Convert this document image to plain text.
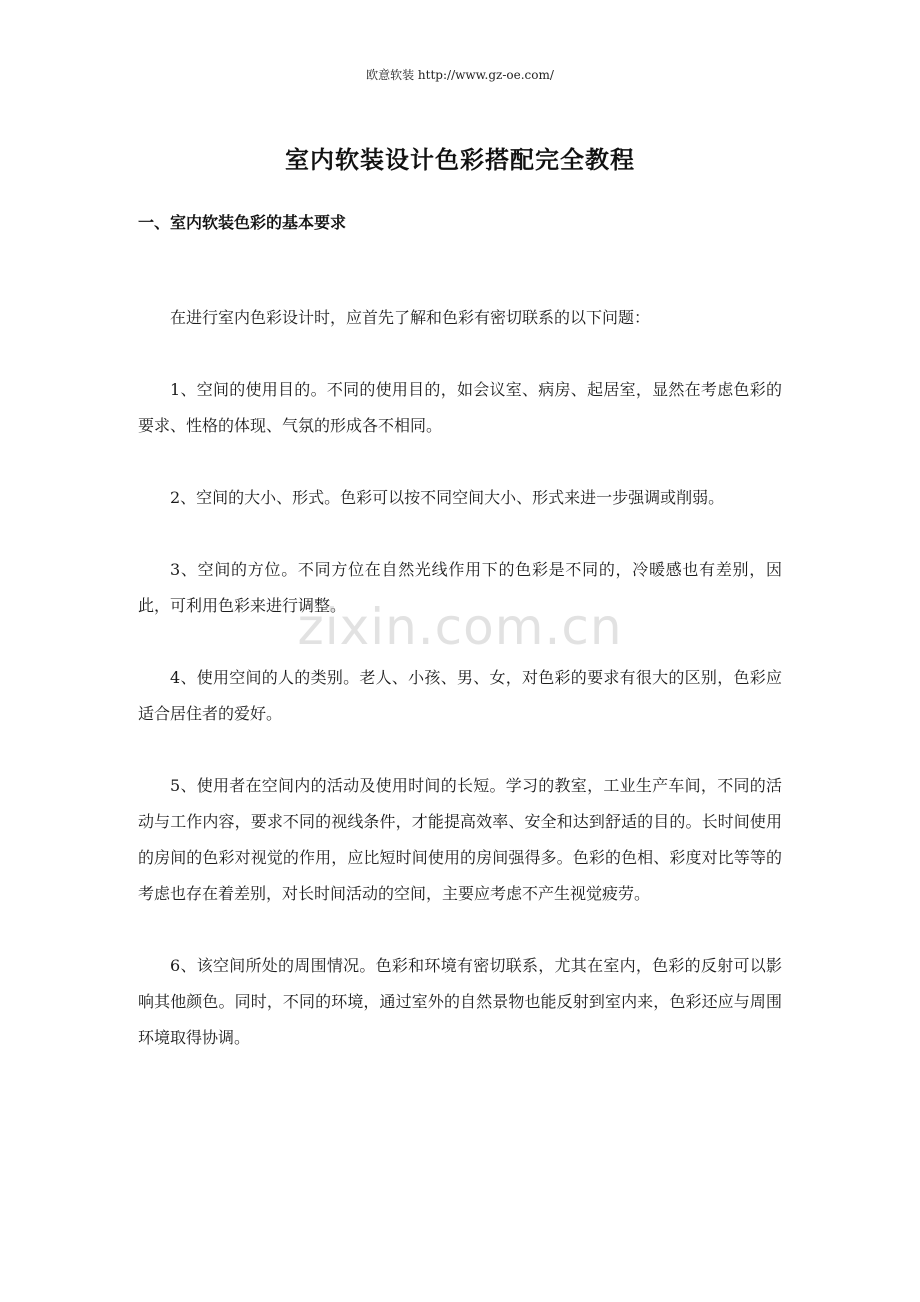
欧意软装 http://www.gz-oe.com/
室内软装设计色彩搭配完全教程
一、室内软装色彩的基本要求

在进行室内色彩设计时，应首先了解和色彩有密切联系的以下问题：

1、空间的使用目的。不同的使用目的，如会议室、病房、起居室，显然在考虑色彩的要求、性格的体现、气氛的形成各不相同。

2、空间的大小、形式。色彩可以按不同空间大小、形式来进一步强调或削弱。

3、空间的方位。不同方位在自然光线作用下的色彩是不同的，冷暖感也有差别，因此，可利用色彩来进行调整。

4、使用空间的人的类别。老人、小孩、男、女，对色彩的要求有很大的区别，色彩应适合居住者的爱好。

5、使用者在空间内的活动及使用时间的长短。学习的教室，工业生产车间，不同的活动与工作内容，要求不同的视线条件，才能提高效率、安全和达到舒适的目的。长时间使用的房间的色彩对视觉的作用，应比短时间使用的房间强得多。色彩的色相、彩度对比等等的考虑也存在着差别，对长时间活动的空间，主要应考虑不产生视觉疲劳。

6、该空间所处的周围情况。色彩和环境有密切联系，尤其在室内，色彩的反射可以影响其他颜色。同时，不同的环境，通过室外的自然景物也能反射到室内来，色彩还应与周围环境取得协调。

zixin.com.cn
